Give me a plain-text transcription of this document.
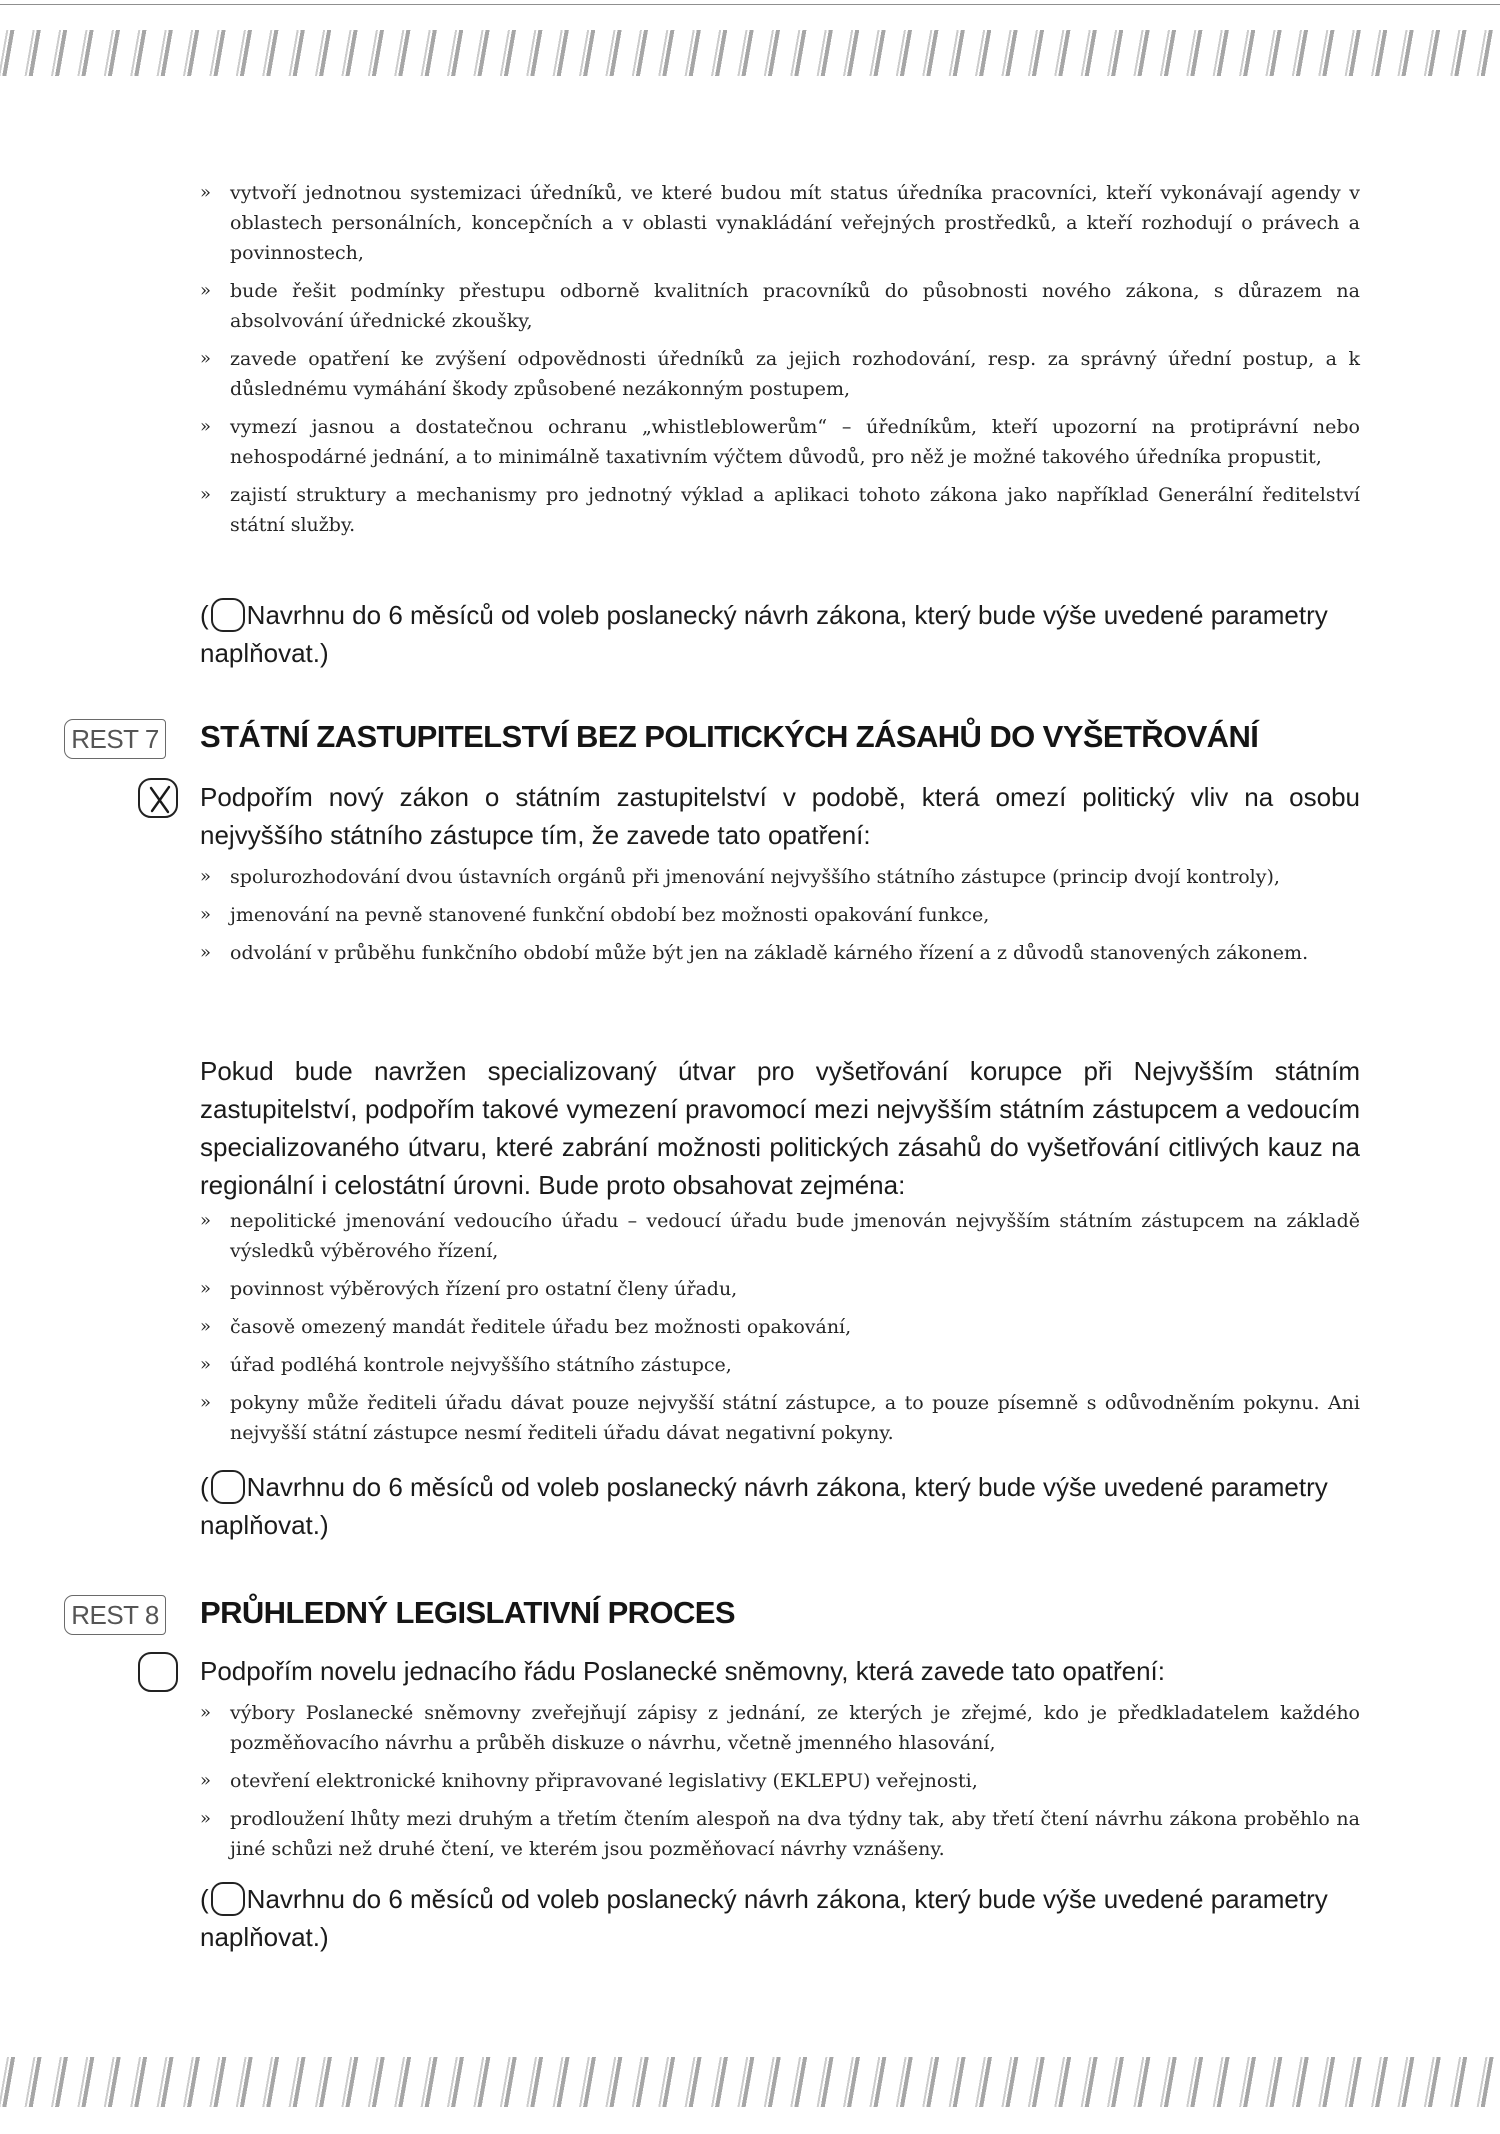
» vytvoří jednotnou systemizaci úředníků, ve které budou mít status úředníka pracovníci, kteří vykonávají agendy v oblastech personálních, koncepčních a v oblasti vynakládání veřejných prostředků, a kteří rozhodují o právech a povinnostech,
» bude řešit podmínky přestupu odborně kvalitních pracovníků do působnosti nového zákona, s důrazem na absolvování úřednické zkoušky,
» zavede opatření ke zvýšení odpovědnosti úředníků za jejich rozhodování, resp. za správný úřední postup, a k důslednému vymáhání škody způsobené nezákonným postupem,
» vymezí jasnou a dostatečnou ochranu „whistleblowerům“ – úředníkům, kteří upozorní na protiprávní nebo nehospodárné jednání, a to minimálně taxativním výčtem důvodů, pro něž je možné takového úředníka propustit,
» zajistí struktury a mechanismy pro jednotný výklad a aplikaci tohoto zákona jako například Generální ředitelství státní služby.
( Navrhnu do 6 měsíců od voleb poslanecký návrh zákona, který bude výše uvedené parametry naplňovat.)
REST 7 STÁTNÍ ZASTUPITELSTVÍ BEZ POLITICKÝCH ZÁSAHŮ DO VYŠETŘOVÁNÍ
Podpořím nový zákon o státním zastupitelství v podobě, která omezí politický vliv na osobu nejvyššího státního zástupce tím, že zavede tato opatření:
» spolurozhodování dvou ústavních orgánů při jmenování nejvyššího státního zástupce (princip dvojí kontroly),
» jmenování na pevně stanovené funkční období bez možnosti opakování funkce,
» odvolání v průběhu funkčního období může být jen na základě kárného řízení a z důvodů stanovených zákonem.
Pokud bude navržen specializovaný útvar pro vyšetřování korupce při Nejvyšším státním zastupitelství, podpořím takové vymezení pravomocí mezi nejvyšším státním zástupcem a vedoucím specializovaného útvaru, které zabrání možnosti politických zásahů do vyšetřování citlivých kauz na regionální i celostátní úrovni. Bude proto obsahovat zejména:
» nepolitické jmenování vedoucího úřadu – vedoucí úřadu bude jmenován nejvyšším státním zástupcem na základě výsledků výběrového řízení,
» povinnost výběrových řízení pro ostatní členy úřadu,
» časově omezený mandát ředitele úřadu bez možnosti opakování,
» úřad podléhá kontrole nejvyššího státního zástupce,
» pokyny může řediteli úřadu dávat pouze nejvyšší státní zástupce, a to pouze písemně s odůvodněním pokynu. Ani nejvyšší státní zástupce nesmí řediteli úřadu dávat negativní pokyny.
( Navrhnu do 6 měsíců od voleb poslanecký návrh zákona, který bude výše uvedené parametry naplňovat.)
REST 8 PRŮHLEDNÝ LEGISLATIVNÍ PROCES
Podpořím novelu jednacího řádu Poslanecké sněmovny, která zavede tato opatření:
» výbory Poslanecké sněmovny zveřejňují zápisy z jednání, ze kterých je zřejmé, kdo je předkladatelem každého pozměňovacího návrhu a průběh diskuze o návrhu, včetně jmenného hlasování,
» otevření elektronické knihovny připravované legislativy (EKLEPU) veřejnosti,
» prodloužení lhůty mezi druhým a třetím čtením alespoň na dva týdny tak, aby třetí čtení návrhu zákona proběhlo na jiné schůzi než druhé čtení, ve kterém jsou pozměňovací návrhy vznášeny.
( Navrhnu do 6 měsíců od voleb poslanecký návrh zákona, který bude výše uvedené parametry naplňovat.)
